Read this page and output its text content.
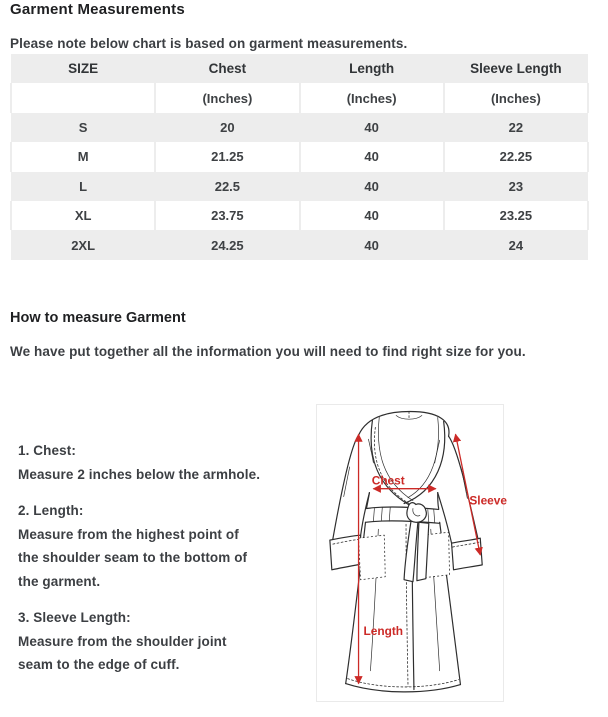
Garment Measurements
Please note below chart is based on garment measurements.
SIZE	Chest	Length	Sleeve Length
	(Inches)	(Inches)	(Inches)
S	20	40	22
M	21.25	40	22.25
L	22.5	40	23
XL	23.75	40	23.25
2XL	24.25	40	24
How to measure Garment
We have put together all the information you will need to find right size for you.
1. Chest:
Measure 2 inches below the armhole.
2. Length:
Measure from the highest point of
the shoulder seam to the bottom of
the garment.
3. Sleeve Length:
Measure from the shoulder joint
seam to the edge of cuff.
Chest
Sleeve
Length
